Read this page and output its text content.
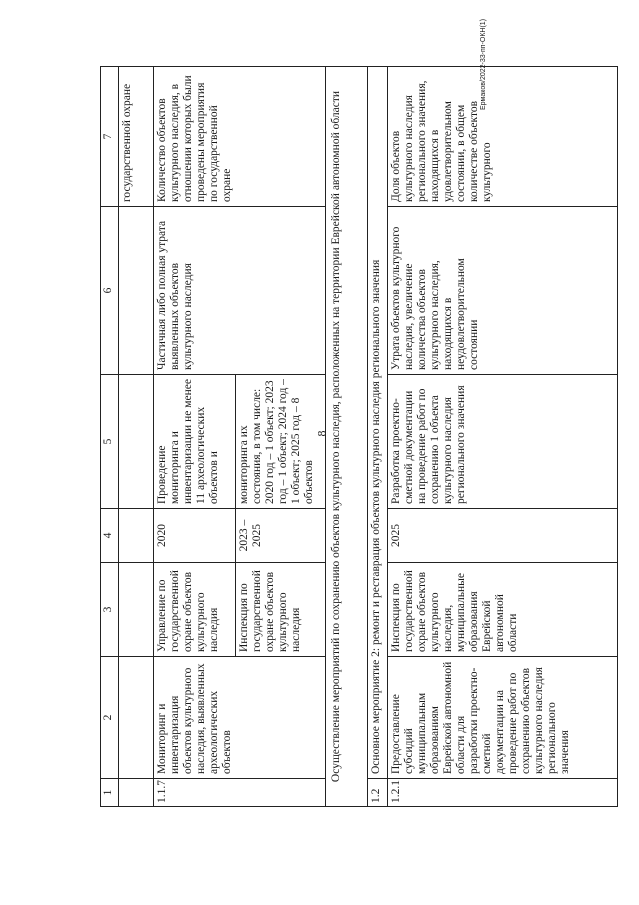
8
Ермаков/2022-33-пп-ОКН(1)
1	2	3	4	5	6	7
						государственной охране
1.1.7	Мониторинг и инвентаризация объектов культурного наследия, выявленных археологических объектов	Управление по государственной охране объектов культурного наследия	2020	Проведение мониторинга и инвентаризации не менее 11 археологических объектов и	Частичная либо полная утрата выявленных объектов культурного наследия	Количество объектов культурного наследия, в отношении которых были проведены мероприятия по государственной охране
		Инспекция по государственной охране объектов культурного наследия	2023 – 2025	мониторинга их состояния, в том числе: 2020 год – 1 объект; 2023 год – 1 объект; 2024 год – 1 объект; 2025 год – 8 объектов		
Осуществление мероприятий по сохранению объектов культурного наследия, расположенных на территории Еврейской автономной области						
1.2	Основное мероприятие 2: ремонт и реставрация объектов культурного наследия регионального значения					
1.2.1	Предоставление субсидий муниципальным образованиям Еврейской автономной области для разработки проектно-сметной документации на проведение работ по сохранению объектов культурного наследия регионального значения	Инспекция по государственной охране объектов культурного наследия, муниципальные образования Еврейской автономной области	2025	Разработка проектно-сметной документации на проведение работ по сохранению 1 объекта культурного наследия регионального значения	Утрата объектов культурного наследия, увеличение количества объектов культурного наследия, находящихся в неудовлетворительном состоянии	Доля объектов культурного наследия регионального значения, находящихся в удовлетворительном состоянии, в общем количестве объектов культурного
